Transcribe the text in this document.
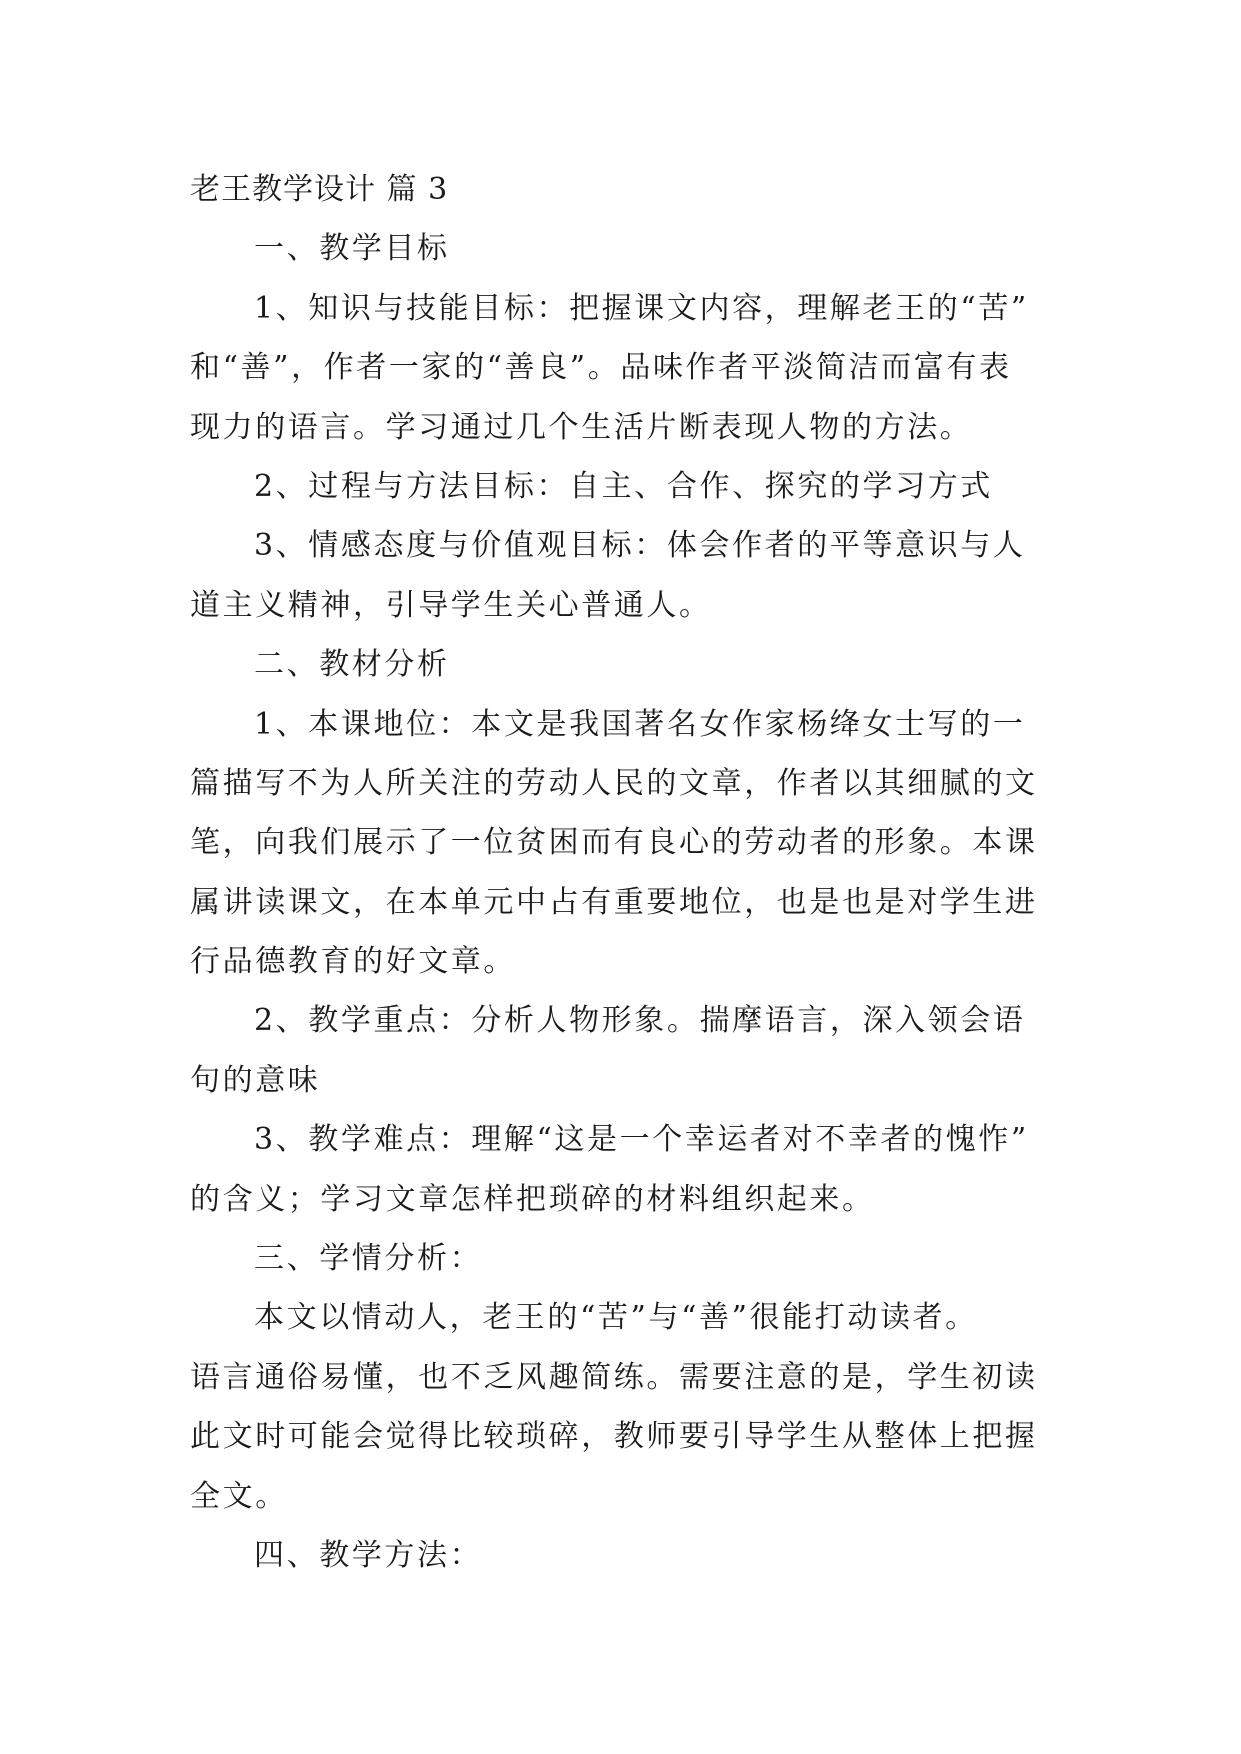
老王教学设计 篇 3
一、教学目标
1、知识与技能目标：把握课文内容，理解老王的“苦”
和“善”，作者一家的“善良”。品味作者平淡简洁而富有表
现力的语言。学习通过几个生活片断表现人物的方法。
2、过程与方法目标：自主、合作、探究的学习方式
3、情感态度与价值观目标：体会作者的平等意识与人
道主义精神，引导学生关心普通人。
二、教材分析
1、本课地位：本文是我国著名女作家杨绛女士写的一
篇描写不为人所关注的劳动人民的文章，作者以其细腻的文
笔，向我们展示了一位贫困而有良心的劳动者的形象。本课
属讲读课文，在本单元中占有重要地位，也是也是对学生进
行品德教育的好文章。
2、教学重点：分析人物形象。揣摩语言，深入领会语
句的意味
3、教学难点：理解“这是一个幸运者对不幸者的愧怍”
的含义；学习文章怎样把琐碎的材料组织起来。
三、学情分析：
本文以情动人，老王的“苦”与“善”很能打动读者。
语言通俗易懂，也不乏风趣简练。需要注意的是，学生初读
此文时可能会觉得比较琐碎，教师要引导学生从整体上把握
全文。
四、教学方法：
